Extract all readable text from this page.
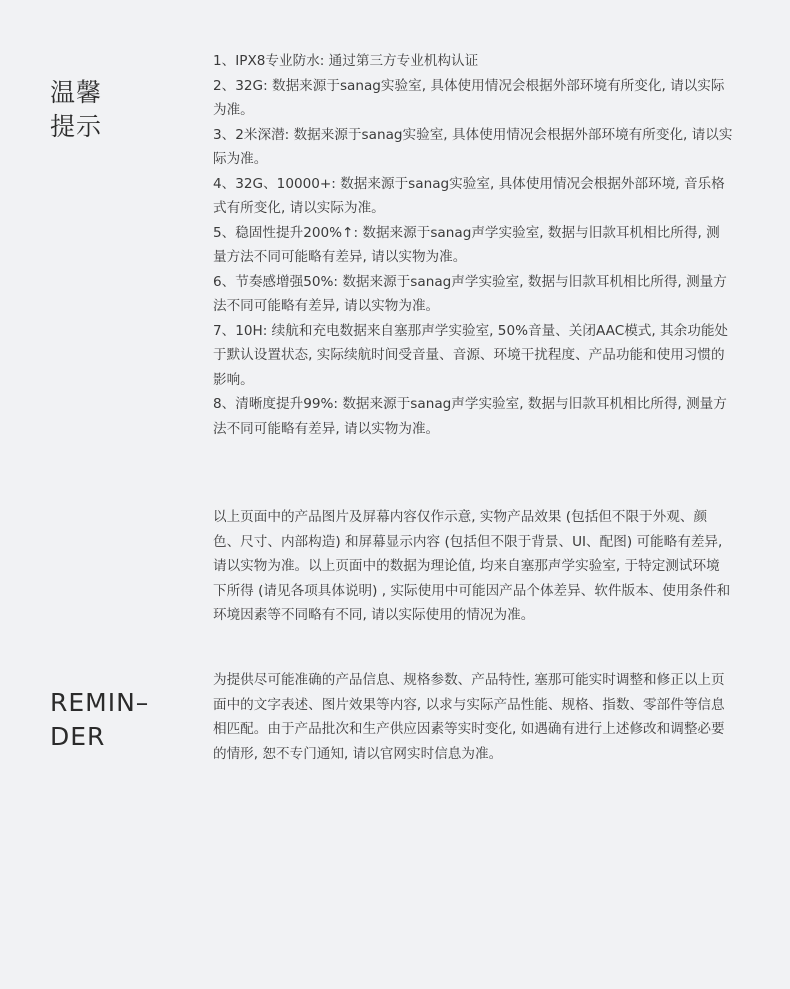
温馨
提示

1、IPX8专业防水: 通过第三方专业机构认证

2、32G: 数据来源于sanag实验室, 具体使用情况会根据外部环境有所变化, 请以实际为准。

3、2米深潜: 数据来源于sanag实验室, 具体使用情况会根据外部环境有所变化, 请以实际为准。

4、32G、10000+: 数据来源于sanag实验室, 具体使用情况会根据外部环境, 音乐格式有所变化, 请以实际为准。

5、稳固性提升200%↑: 数据来源于sanag声学实验室, 数据与旧款耳机相比所得, 测量方法不同可能略有差异, 请以实物为准。

6、节奏感增强50%: 数据来源于sanag声学实验室, 数据与旧款耳机相比所得, 测量方法不同可能略有差异, 请以实物为准。

7、10H: 续航和充电数据来自塞那声学实验室, 50%音量、关闭AAC模式, 其余功能处于默认设置状态, 实际续航时间受音量、音源、环境干扰程度、产品功能和使用习惯的影响。

8、清晰度提升99%: 数据来源于sanag声学实验室, 数据与旧款耳机相比所得, 测量方法不同可能略有差异, 请以实物为准。

以上页面中的产品图片及屏幕内容仅作示意, 实物产品效果 (包括但不限于外观、颜色、尺寸、内部构造) 和屏幕显示内容 (包括但不限于背景、UI、配图) 可能略有差异, 请以实物为准。以上页面中的数据为理论值, 均来自塞那声学实验室, 于特定测试环境下所得 (请见各项具体说明) , 实际使用中可能因产品个体差异、软件版本、使用条件和环境因素等不同略有不同, 请以实际使用的情况为准。

REMIN–
DER

为提供尽可能准确的产品信息、规格参数、产品特性, 塞那可能实时调整和修正以上页面中的文字表述、图片效果等内容, 以求与实际产品性能、规格、指数、零部件等信息相匹配。由于产品批次和生产供应因素等实时变化, 如遇确有进行上述修改和调整必要的情形, 恕不专门通知, 请以官网实时信息为准。
